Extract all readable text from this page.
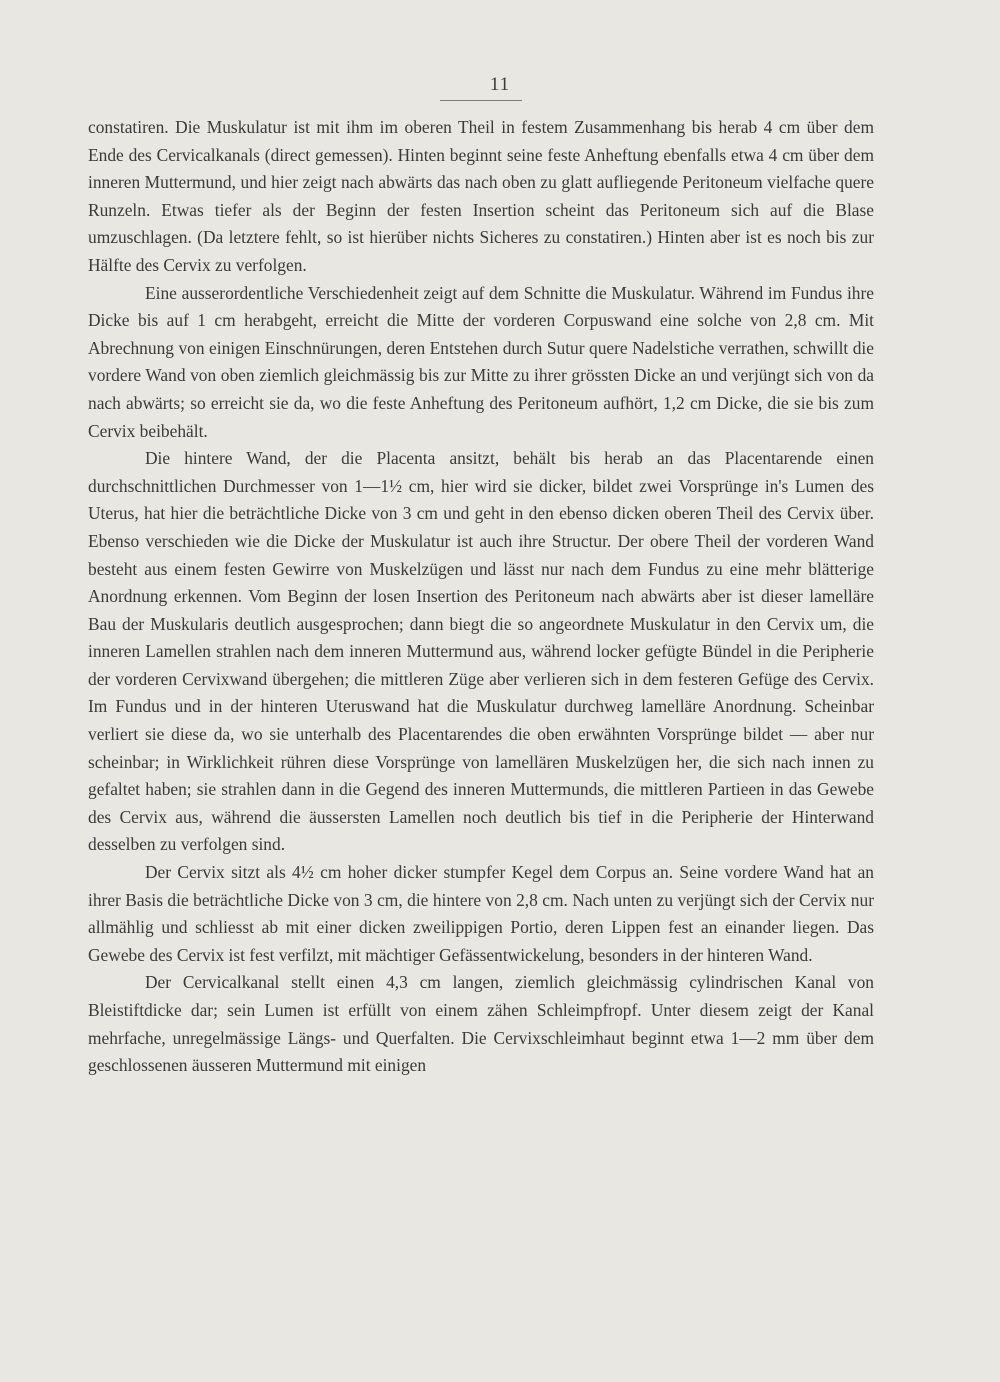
11

constatiren. Die Muskulatur ist mit ihm im oberen Theil in festem Zusammenhang bis herab 4 cm über dem Ende des Cervicalkanals (direct gemessen). Hinten beginnt seine feste Anheftung ebenfalls etwa 4 cm über dem inneren Muttermund, und hier zeigt nach abwärts das nach oben zu glatt aufliegende Peritoneum vielfache quere Runzeln. Etwas tiefer als der Beginn der festen Insertion scheint das Peritoneum sich auf die Blase umzuschlagen. (Da letztere fehlt, so ist hierüber nichts Sicheres zu constatiren.) Hinten aber ist es noch bis zur Hälfte des Cervix zu verfolgen.

Eine ausserordentliche Verschiedenheit zeigt auf dem Schnitte die Muskulatur. Während im Fundus ihre Dicke bis auf 1 cm herabgeht, erreicht die Mitte der vorderen Corpuswand eine solche von 2,8 cm. Mit Abrechnung von einigen Einschnürungen, deren Entstehen durch Sutur quere Nadelstiche verrathen, schwillt die vordere Wand von oben ziemlich gleichmässig bis zur Mitte zu ihrer grössten Dicke an und verjüngt sich von da nach abwärts; so erreicht sie da, wo die feste Anheftung des Peritoneum aufhört, 1,2 cm Dicke, die sie bis zum Cervix beibehält.

Die hintere Wand, der die Placenta ansitzt, behält bis herab an das Placentarende einen durchschnittlichen Durchmesser von 1—1½ cm, hier wird sie dicker, bildet zwei Vorsprünge in's Lumen des Uterus, hat hier die beträchtliche Dicke von 3 cm und geht in den ebenso dicken oberen Theil des Cervix über. Ebenso verschieden wie die Dicke der Muskulatur ist auch ihre Structur. Der obere Theil der vorderen Wand besteht aus einem festen Gewirre von Muskelzügen und lässt nur nach dem Fundus zu eine mehr blätterige Anordnung erkennen. Vom Beginn der losen Insertion des Peritoneum nach abwärts aber ist dieser lamelläre Bau der Muskularis deutlich ausgesprochen; dann biegt die so angeordnete Muskulatur in den Cervix um, die inneren Lamellen strahlen nach dem inneren Muttermund aus, während locker gefügte Bündel in die Peripherie der vorderen Cervixwand übergehen; die mittleren Züge aber verlieren sich in dem festeren Gefüge des Cervix. Im Fundus und in der hinteren Uteruswand hat die Muskulatur durchweg lamelläre Anordnung. Scheinbar verliert sie diese da, wo sie unterhalb des Placentarendes die oben erwähnten Vorsprünge bildet — aber nur scheinbar; in Wirklichkeit rühren diese Vorsprünge von lamellären Muskelzügen her, die sich nach innen zu gefaltet haben; sie strahlen dann in die Gegend des inneren Muttermunds, die mittleren Partieen in das Gewebe des Cervix aus, während die äussersten Lamellen noch deutlich bis tief in die Peripherie der Hinterwand desselben zu verfolgen sind.

Der Cervix sitzt als 4½ cm hoher dicker stumpfer Kegel dem Corpus an. Seine vordere Wand hat an ihrer Basis die beträchtliche Dicke von 3 cm, die hintere von 2,8 cm. Nach unten zu verjüngt sich der Cervix nur allmählig und schliesst ab mit einer dicken zweilippigen Portio, deren Lippen fest an einander liegen. Das Gewebe des Cervix ist fest verfilzt, mit mächtiger Gefässentwickelung, besonders in der hinteren Wand.

Der Cervicalkanal stellt einen 4,3 cm langen, ziemlich gleichmässig cylindrischen Kanal von Bleistiftdicke dar; sein Lumen ist erfüllt von einem zähen Schleimpfropf. Unter diesem zeigt der Kanal mehrfache, unregelmässige Längs- und Querfalten. Die Cervixschleimhaut beginnt etwa 1—2 mm über dem geschlossenen äusseren Muttermund mit einigen
